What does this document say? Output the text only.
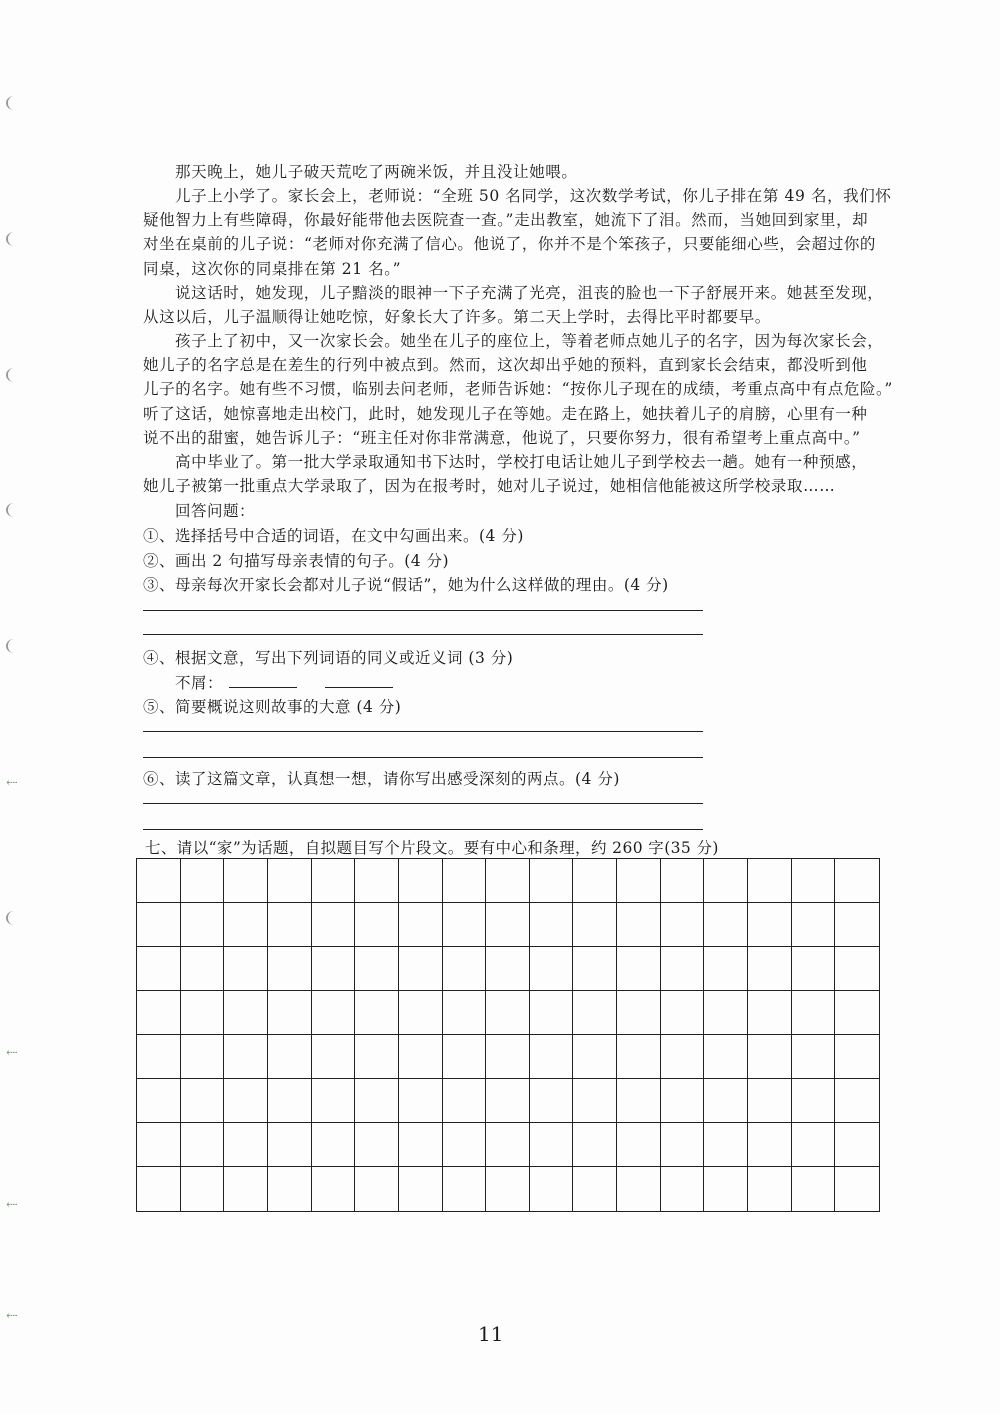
⇠
⇠
⇠
⇠

那天晚上，她儿子破天荒吃了两碗米饭，并且没让她喂。

儿子上小学了。家长会上，老师说：“全班 50 名同学，这次数学考试，你儿子排在第 49 名，我们怀
疑他智力上有些障碍，你最好能带他去医院查一查。”走出教室，她流下了泪。然而，当她回到家里，却
对坐在桌前的儿子说：“老师对你充满了信心。他说了，你并不是个笨孩子，只要能细心些，会超过你的
同桌，这次你的同桌排在第 21 名。”

说这话时，她发现，儿子黯淡的眼神一下子充满了光亮，沮丧的脸也一下子舒展开来。她甚至发现，
从这以后，儿子温顺得让她吃惊，好象长大了许多。第二天上学时，去得比平时都要早。

孩子上了初中，又一次家长会。她坐在儿子的座位上，等着老师点她儿子的名字，因为每次家长会，
她儿子的名字总是在差生的行列中被点到。然而，这次却出乎她的预料，直到家长会结束，都没听到他
儿子的名字。她有些不习惯，临别去问老师，老师告诉她：“按你儿子现在的成绩，考重点高中有点危险。”
听了这话，她惊喜地走出校门，此时，她发现儿子在等她。走在路上，她扶着儿子的肩膀，心里有一种
说不出的甜蜜，她告诉儿子：“班主任对你非常满意，他说了，只要你努力，很有希望考上重点高中。”

高中毕业了。第一批大学录取通知书下达时，学校打电话让她儿子到学校去一趟。她有一种预感，
她儿子被第一批重点大学录取了，因为在报考时，她对儿子说过，她相信他能被这所学校录取……

回答问题：
①、选择括号中合适的词语，在文中勾画出来。(4 分)
②、画出 2 句描写母亲表情的句子。(4 分)
③、母亲每次开家长会都对儿子说“假话”，她为什么这样做的理由。(4 分)
④、根据文意，写出下列词语的同义或近义词 (3 分)
不屑：
⑤、简要概说这则故事的大意 (4 分)
⑥、读了这篇文章，认真想一想，请你写出感受深刻的两点。(4 分)
七、请以“家”为话题，自拟题目写个片段文。要有中心和条理，约 260 字(35 分)
11
